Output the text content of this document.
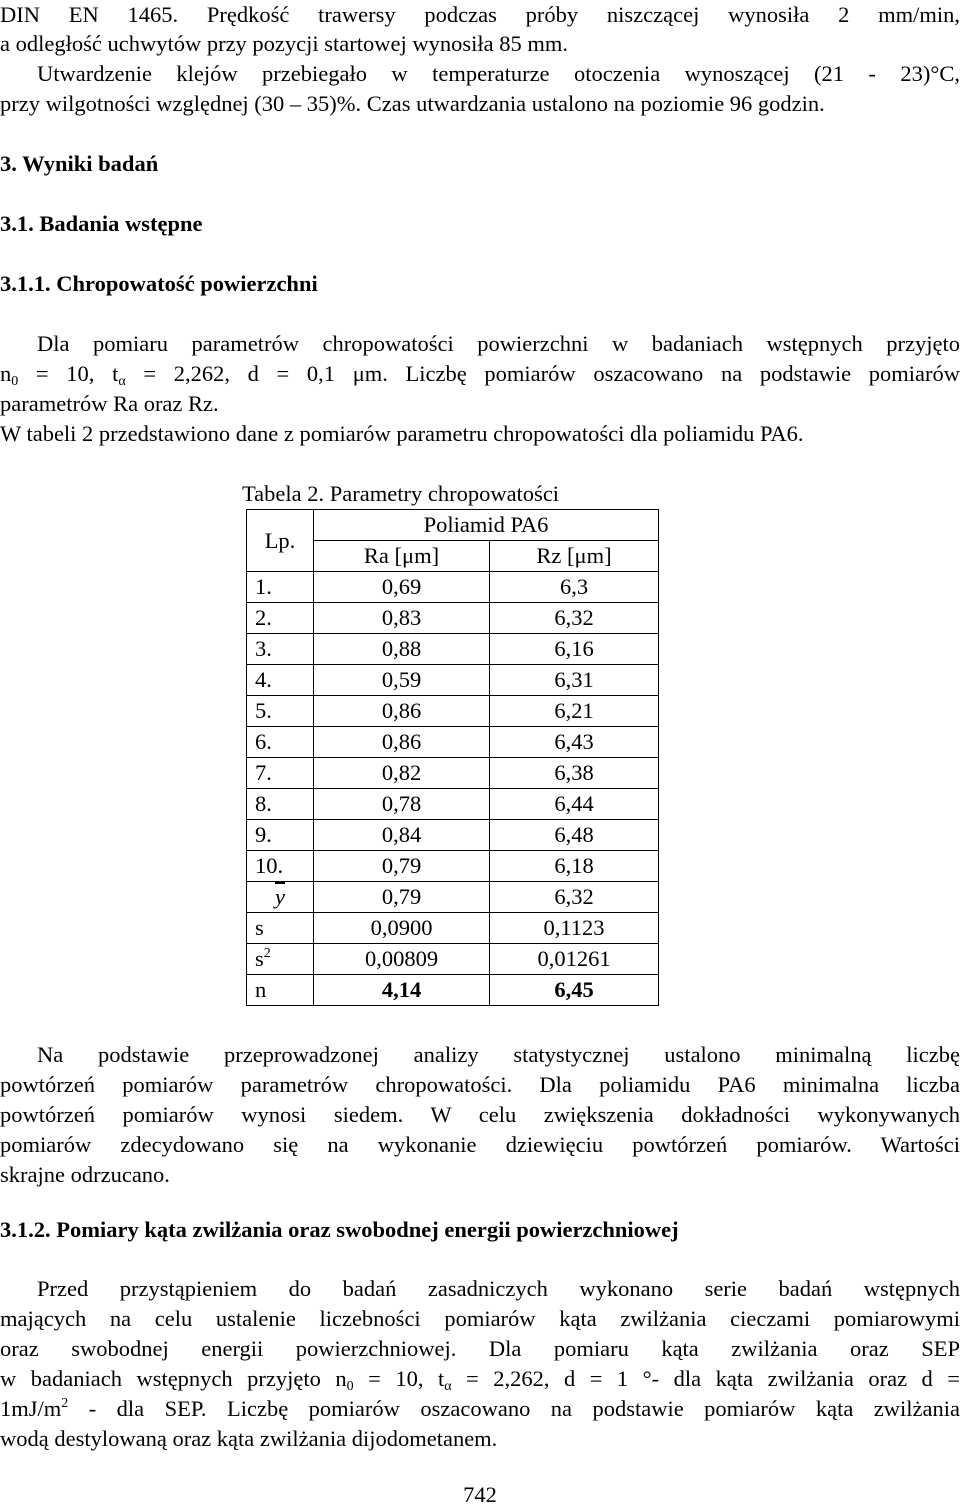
DIN EN 1465. Prędkość trawersy podczas próby niszczącej wynosiła 2 mm/min,

a odległość uchwytów przy pozycji startowej wynosiła 85 mm.

Utwardzenie klejów przebiegało w temperaturze otoczenia wynoszącej (21 - 23)°C,

przy wilgotności względnej (30 – 35)%. Czas utwardzania ustalono na poziomie 96 godzin.

3. Wyniki badań

3.1. Badania wstępne

3.1.1. Chropowatość powierzchni

Dla pomiaru parametrów chropowatości powierzchni w badaniach wstępnych przyjęto

$n_0 = 10$, $t_\alpha = 2,262$, d = 0,1 μm. Liczbę pomiarów oszacowano na podstawie pomiarów

parametrów Ra oraz Rz.

W tabeli 2 przedstawiono dane z pomiarów parametru chropowatości dla poliamidu PA6.

Tabela 2. Parametry chropowatości
Lp.	Poliamid PA6	
	Ra [μm]	Rz [μm]
1.	0,69	6,3
2.	0,83	6,32
3.	0,88	6,16
4.	0,59	6,31
5.	0,86	6,21
6.	0,86	6,43
7.	0,82	6,38
8.	0,78	6,44
9.	0,84	6,48
10.	0,79	6,18
$\overline{y}$	0,79	6,32
s	0,0900	0,1123
$s^2$	0,00809	0,01261
n	4,14	6,45

Na podstawie przeprowadzonej analizy statystycznej ustalono minimalną liczbę

powtórzeń pomiarów parametrów chropowatości. Dla poliamidu PA6 minimalna liczba

powtórzeń pomiarów wynosi siedem. W celu zwiększenia dokładności wykonywanych

pomiarów zdecydowano się na wykonanie dziewięciu powtórzeń pomiarów. Wartości

skrajne odrzucano.

3.1.2. Pomiary kąta zwilżania oraz swobodnej energii powierzchniowej

Przed przystąpieniem do badań zasadniczych wykonano serie badań wstępnych

mających na celu ustalenie liczebności pomiarów kąta zwilżania cieczami pomiarowymi

oraz swobodnej energii powierzchniowej. Dla pomiaru kąta zwilżania oraz SEP

w badaniach wstępnych przyjęto $n_0 = 10$, $t_\alpha = 2,262$, d = 1 °- dla kąta zwilżania oraz d =

$1mJ/m^2$ - dla SEP. Liczbę pomiarów oszacowano na podstawie pomiarów kąta zwilżania

wodą destylowaną oraz kąta zwilżania dijodometanem.

742
